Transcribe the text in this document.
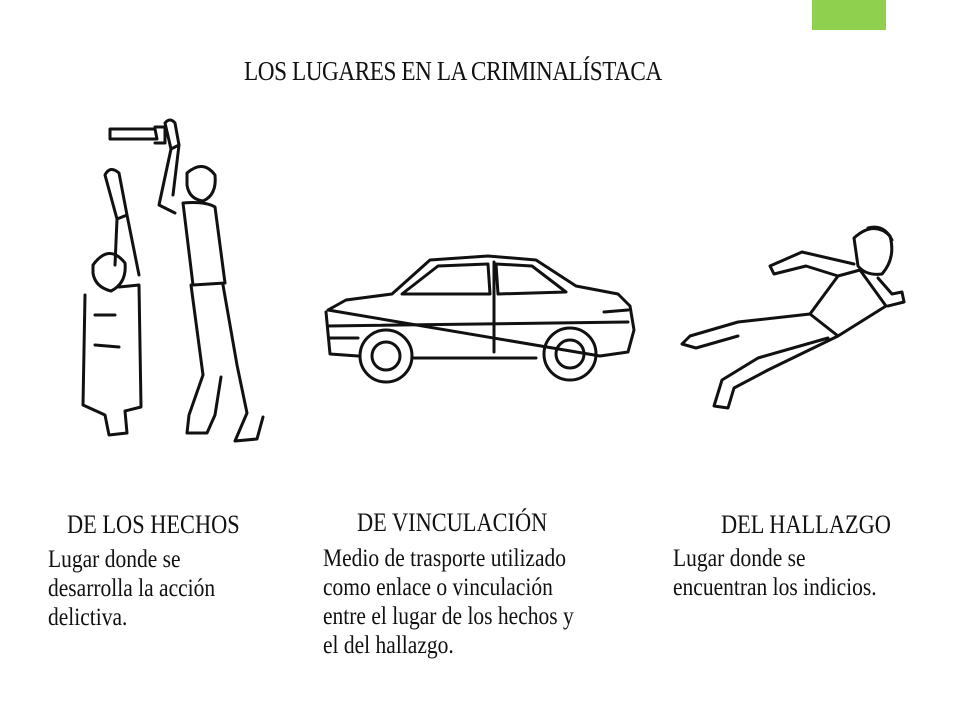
LOS LUGARES EN LA CRIMINALÍSTACA
DE LOS HECHOS
Lugar donde se
desarrolla la acción
delictiva.
DE VINCULACIÓN
Medio de trasporte utilizado
como enlace o vinculación
entre el lugar de los hechos y
el del hallazgo.
DEL HALLAZGO
Lugar donde se
encuentran los indicios.
